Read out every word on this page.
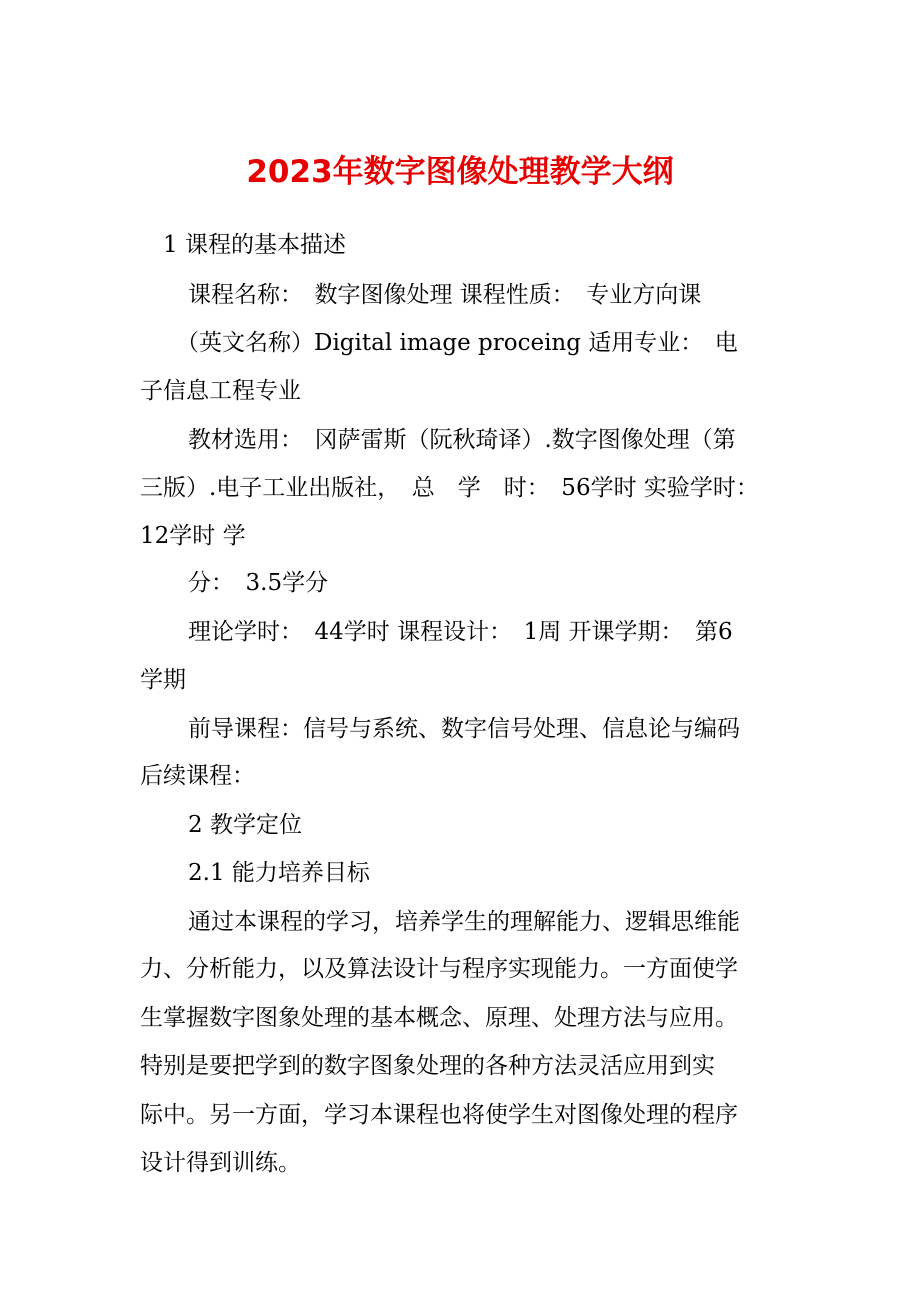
2023年数字图像处理教学大纲
1 课程的基本描述
课程名称：　数字图像处理 课程性质：　专业方向课
（英文名称）Digital image proceing 适用专业：　电
子信息工程专业
教材选用：　冈萨雷斯（阮秋琦译）.数字图像处理（第
三版）.电子工业出版社，　总　学　时：　56学时 实验学时：
12学时 学
分：　3.5学分
理论学时：　44学时 课程设计：　1周 开课学期：　第6
学期
前导课程：信号与系统、数字信号处理、信息论与编码
后续课程：
2 教学定位
2.1 能力培养目标
通过本课程的学习，培养学生的理解能力、逻辑思维能
力、分析能力，以及算法设计与程序实现能力。一方面使学
生掌握数字图象处理的基本概念、原理、处理方法与应用。
特别是要把学到的数字图象处理的各种方法灵活应用到实
际中。另一方面，学习本课程也将使学生对图像处理的程序
设计得到训练。
